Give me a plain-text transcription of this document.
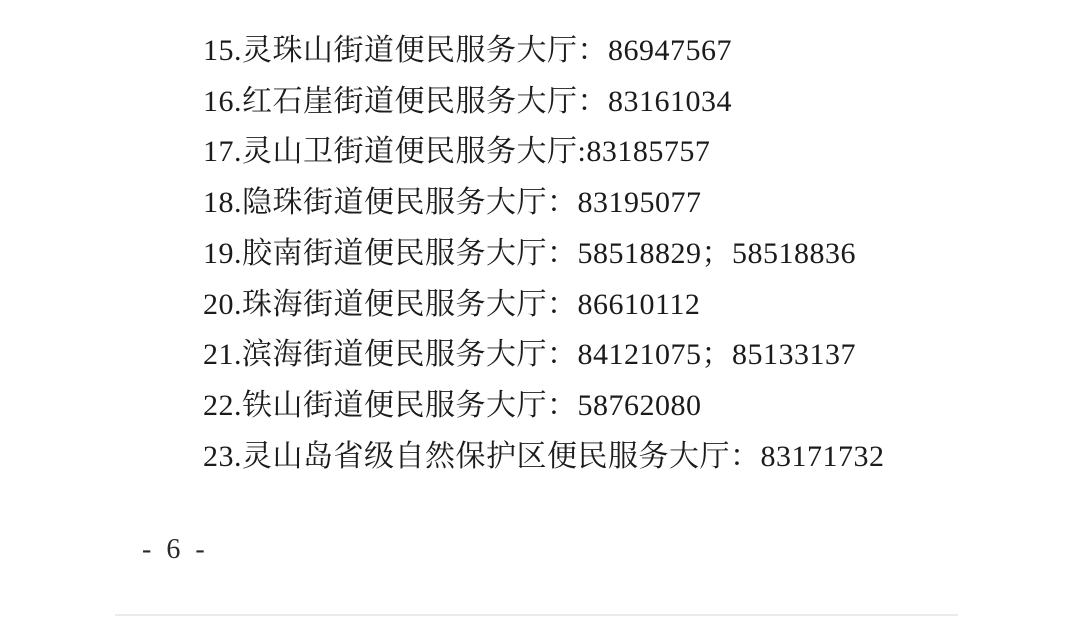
15.灵珠山街道便民服务大厅：86947567
16.红石崖街道便民服务大厅：83161034
17.灵山卫街道便民服务大厅:83185757
18.隐珠街道便民服务大厅：83195077
19.胶南街道便民服务大厅：58518829；58518836
20.珠海街道便民服务大厅：86610112
21.滨海街道便民服务大厅：84121075；85133137
22.铁山街道便民服务大厅：58762080
23.灵山岛省级自然保护区便民服务大厅：83171732
- 6 -
